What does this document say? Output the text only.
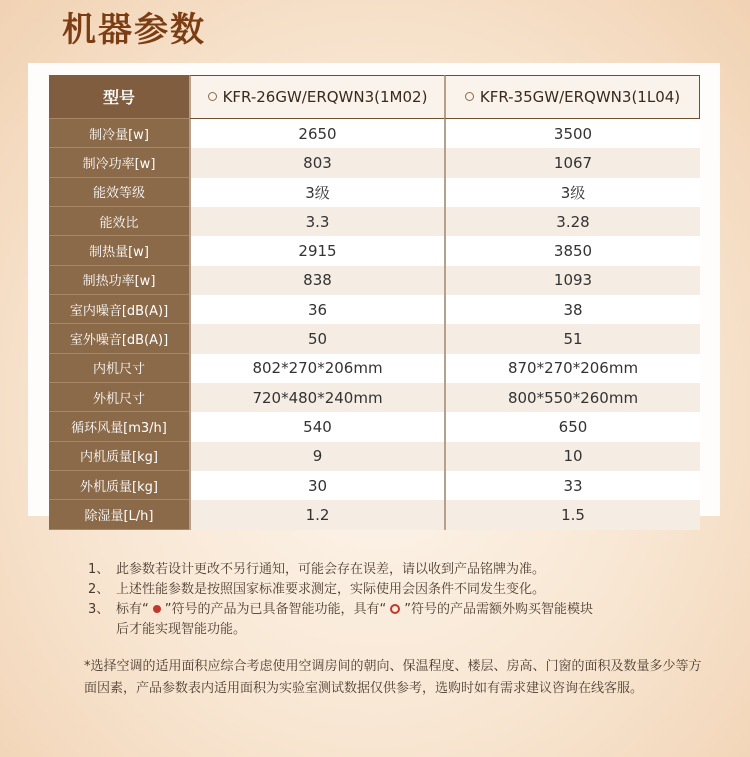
机器参数
型号	KFR-26GW/ERQWN3(1M02)	KFR-35GW/ERQWN3(1L04)
制冷量[w]	2650	3500
制冷功率[w]	803	1067
能效等级	3级	3级
能效比	3.3	3.28
制热量[w]	2915	3850
制热功率[w]	838	1093
室内噪音[dB(A)]	36	38
室外噪音[dB(A)]	50	51
内机尺寸	802*270*206mm	870*270*206mm
外机尺寸	720*480*240mm	800*550*260mm
循环风量[m3/h]	540	650
内机质量[kg]	9	10
外机质量[kg]	30	33
除湿量[L/h]	1.2	1.5
1、 此参数若设计更改不另行通知，可能会存在误差，请以收到产品铭牌为准。
2、 上述性能参数是按照国家标准要求测定，实际使用会因条件不同发生变化。
3、 标有“ ”符号的产品为已具备智能功能，具有“ ”符号的产品需额外购买智能模块
后才能实现智能功能。
*选择空调的适用面积应综合考虑使用空调房间的朝向、保温程度、楼层、房高、门窗的面积及数量多少等方面因素，产品参数表内适用面积为实验室测试数据仅供参考，选购时如有需求建议咨询在线客服。
